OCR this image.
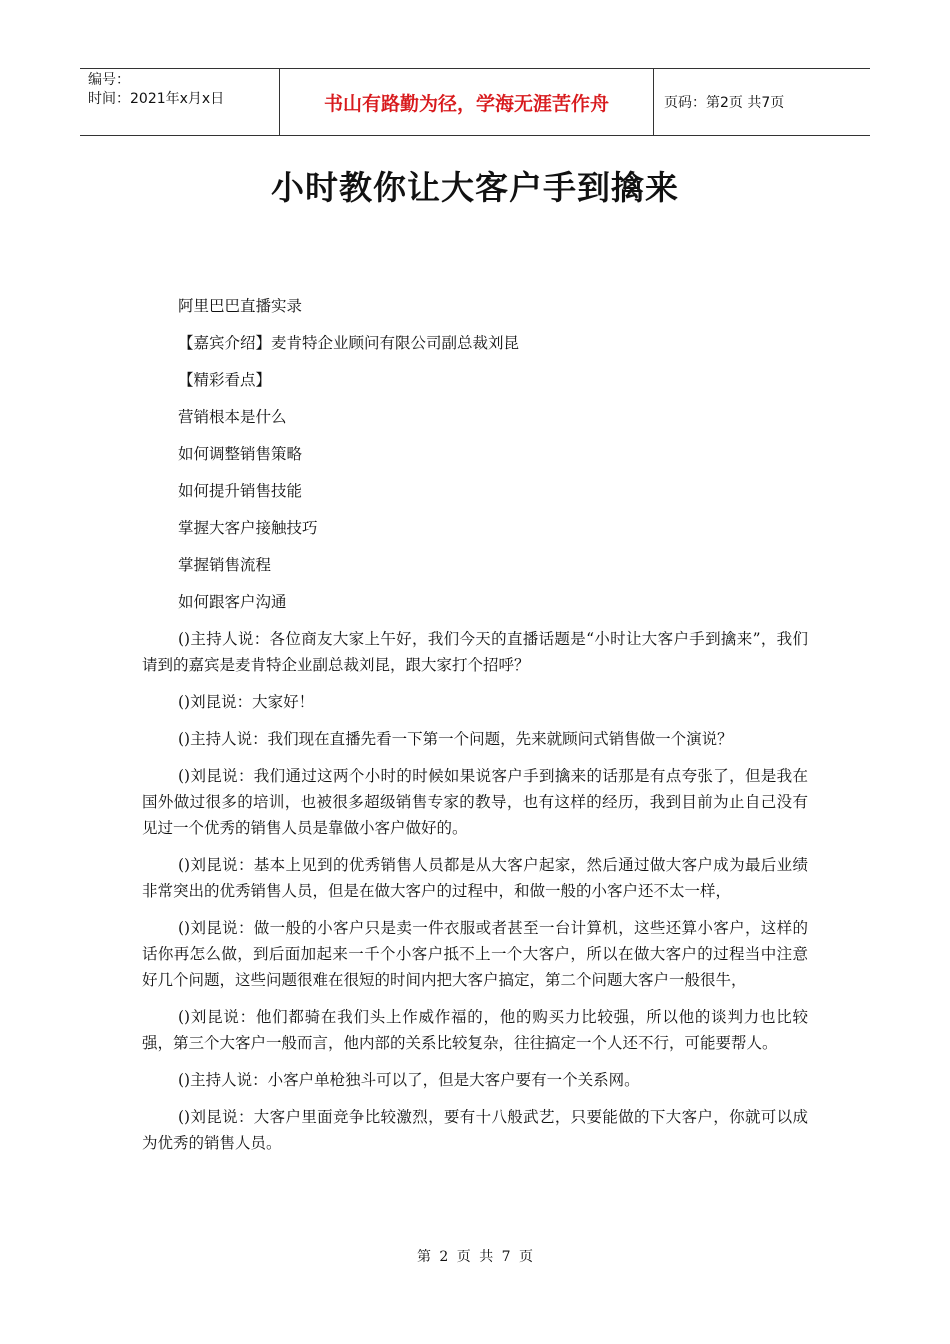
编号：
时间：2021年x月x日	书山有路勤为径，学海无涯苦作舟	页码：第2页 共7页
小时教你让大客户手到擒来

阿里巴巴直播实录

【嘉宾介绍】麦肯特企业顾问有限公司副总裁刘昆

【精彩看点】

营销根本是什么

如何调整销售策略

如何提升销售技能

掌握大客户接触技巧

掌握销售流程

如何跟客户沟通

()主持人说：各位商友大家上午好，我们今天的直播话题是“小时让大客户手到擒来”，我们请到的嘉宾是麦肯特企业副总裁刘昆，跟大家打个招呼？

()刘昆说：大家好！

()主持人说：我们现在直播先看一下第一个问题，先来就顾问式销售做一个演说？

()刘昆说：我们通过这两个小时的时候如果说客户手到擒来的话那是有点夸张了，但是我在国外做过很多的培训，也被很多超级销售专家的教导，也有这样的经历，我到目前为止自己没有见过一个优秀的销售人员是靠做小客户做好的。

()刘昆说：基本上见到的优秀销售人员都是从大客户起家，然后通过做大客户成为最后业绩非常突出的优秀销售人员，但是在做大客户的过程中，和做一般的小客户还不太一样，

()刘昆说：做一般的小客户只是卖一件衣服或者甚至一台计算机，这些还算小客户，这样的话你再怎么做，到后面加起来一千个小客户抵不上一个大客户，所以在做大客户的过程当中注意好几个问题，这些问题很难在很短的时间内把大客户搞定，第二个问题大客户一般很牛，

()刘昆说：他们都骑在我们头上作威作福的，他的购买力比较强，所以他的谈判力也比较强，第三个大客户一般而言，他内部的关系比较复杂，往往搞定一个人还不行，可能要帮人。

()主持人说：小客户单枪独斗可以了，但是大客户要有一个关系网。

()刘昆说：大客户里面竞争比较激烈，要有十八般武艺，只要能做的下大客户，你就可以成为优秀的销售人员。

第 2 页 共 7 页
